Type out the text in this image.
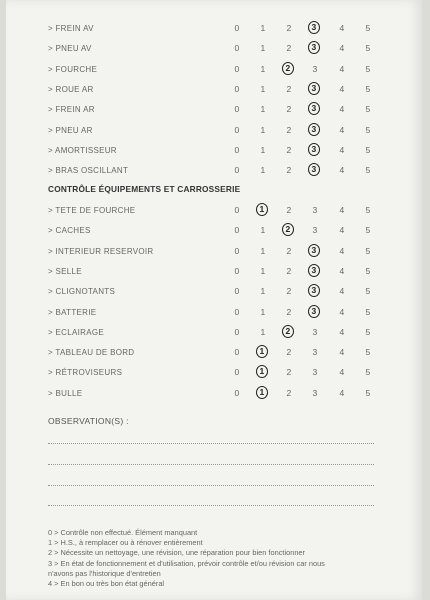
> FREIN AV	0	1	2	3	4	5
> PNEU AV	0	1	2	3	4	5
> FOURCHE	0	1	2	3	4	5
> ROUE AR	0	1	2	3	4	5
> FREIN AR	0	1	2	3	4	5
> PNEU AR	0	1	2	3	4	5
> AMORTISSEUR	0	1	2	3	4	5
> BRAS OSCILLANT	0	1	2	3	4	5
CONTRÔLE ÉQUIPEMENTS ET CARROSSERIE
> TETE DE FOURCHE	0	1	2	3	4	5
> CACHES	0	1	2	3	4	5
> INTERIEUR RESERVOIR	0	1	2	3	4	5
> SELLE	0	1	2	3	4	5
> CLIGNOTANTS	0	1	2	3	4	5
> BATTERIE	0	1	2	3	4	5
> ECLAIRAGE	0	1	2	3	4	5
> TABLEAU DE BORD	0	1	2	3	4	5
> RÉTROVISEURS	0	1	2	3	4	5
> BULLE	0	1	2	3	4	5
OBSERVATION(S) :
0 > Contrôle non effectué. Élément manquant
1 > H.S., à remplacer ou à rénover entièrement
2 > Nécessite un nettoyage, une révision, une réparation pour bien fonctionner
3 > En état de fonctionnement et d'utilisation, prévoir contrôle et/ou révision car nous
n'avons pas l'historique d'entretien
4 > En bon ou très bon état général
